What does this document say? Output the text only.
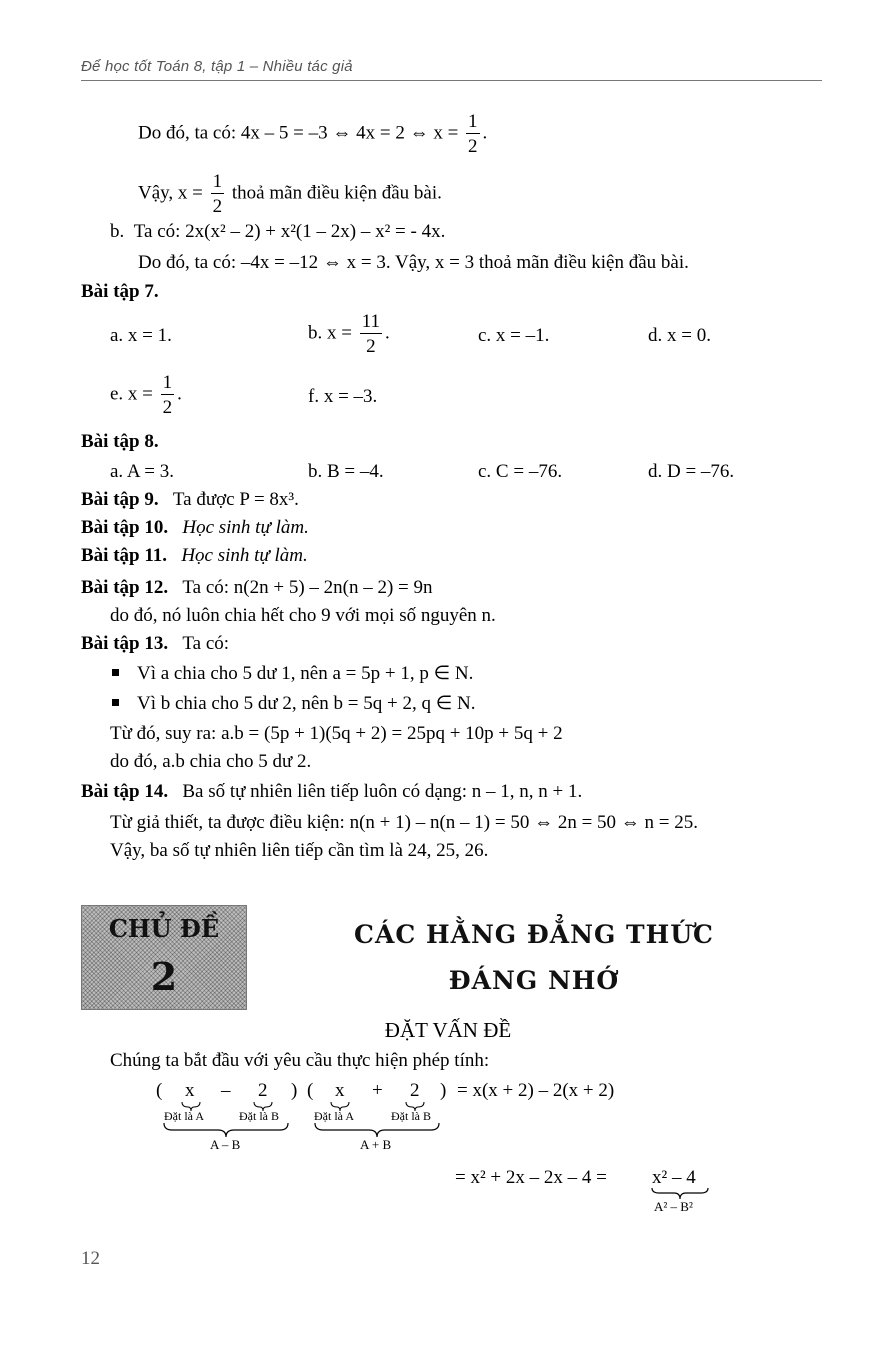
Để học tốt Toán 8, tập 1 – Nhiều tác giả
Do đó, ta có: 4x – 5 = –3 ⇔ 4x = 2 ⇔ $x = \frac{1}{2}$ .
Vậy, $x = \frac{1}{2}$ thoả mãn điều kiện đầu bài.
b. Ta có: 2x(x² – 2) + x²(1 – 2x) – x² = - 4x.
Do đó, ta có: –4x = –12 ⇔ x = 3. Vậy, x = 3 thoả mãn điều kiện đầu bài.
Bài tập 7.
a. x = 1.	b. $x = \frac{11}{2}$ .	c. x = –1.	d. x = 0.
e. $x = \frac{1}{2}$ .	f. x = –3.
Bài tập 8.
a. A = 3.	b. B = –4.	c. C = –76.	d. D = –76.
Bài tập 9. Ta được P = 8x³.
Bài tập 10. Học sinh tự làm.
Bài tập 11. Học sinh tự làm.
Bài tập 12. Ta có: n(2n + 5) – 2n(n – 2) = 9n
do đó, nó luôn chia hết cho 9 với mọi số nguyên n.
Bài tập 13. Ta có:
Vì a chia cho 5 dư 1, nên a = 5p + 1, p ∈ N.
Vì b chia cho 5 dư 2, nên b = 5q + 2, q ∈ N.
Từ đó, suy ra: a.b = (5p + 1)(5q + 2) = 25pq + 10p + 5q + 2
do đó, a.b chia cho 5 dư 2.
Bài tập 14. Ba số tự nhiên liên tiếp luôn có dạng: n – 1, n, n + 1.
Từ giả thiết, ta được điều kiện: n(n + 1) – n(n – 1) = 50 ⇔ 2n = 50 ⇔ n = 25.
Vậy, ba số tự nhiên liên tiếp cần tìm là 24, 25, 26.
CHỦ ĐỀ
2
CÁC HẰNG ĐẲNG THỨC
ĐÁNG NHỚ
ĐẶT VẤN ĐỀ
Chúng ta bắt đầu với yêu cầu thực hiện phép tính:
( x – 2 ) ( x + 2 ) = x(x + 2) – 2(x + 2)
Đặt là A	Đặt là B	Đặt là A	Đặt là B
A – B	A + B
= x² + 2x – 2x – 4 = x² – 4
A² – B²
12
